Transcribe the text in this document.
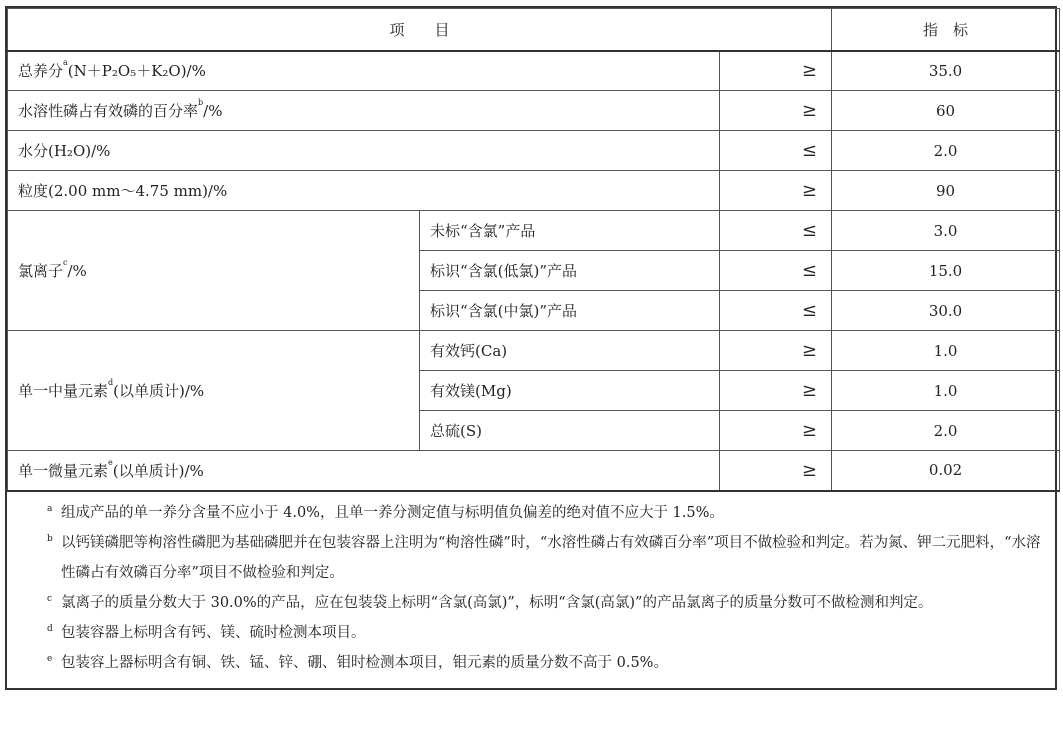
项　　目			指　标
总养分$^a$(N＋P₂O₅＋K₂O)/%		≥	35.0
水溶性磷占有效磷的百分率$^b$/%		≥	60
水分(H₂O)/%		≤	2.0
粒度(2.00 mm～4.75 mm)/%		≥	90
氯离子$^c$/%	未标“含氯”产品	≤	3.0
	标识“含氯(低氯)”产品	≤	15.0
	标识“含氯(中氯)”产品	≤	30.0
单一中量元素$^d$(以单质计)/%	有效钙(Ca)	≥	1.0
	有效镁(Mg)	≥	1.0
	总硫(S)	≥	2.0
单一微量元素$^e$(以单质计)/%		≥	0.02
a 组成产品的单一养分含量不应小于 4.0%，且单一养分测定值与标明值负偏差的绝对值不应大于 1.5%。
b 以钙镁磷肥等枸溶性磷肥为基础磷肥并在包装容器上注明为“枸溶性磷”时，“水溶性磷占有效磷百分率”项目不做检验和判定。若为氮、钾二元肥料，“水溶性磷占有效磷百分率”项目不做检验和判定。
c 氯离子的质量分数大于 30.0%的产品，应在包装袋上标明“含氯(高氯)”，标明“含氯(高氯)”的产品氯离子的质量分数可不做检测和判定。
d 包装容器上标明含有钙、镁、硫时检测本项目。
e 包装容上器标明含有铜、铁、锰、锌、硼、钼时检测本项目，钼元素的质量分数不高于 0.5%。
